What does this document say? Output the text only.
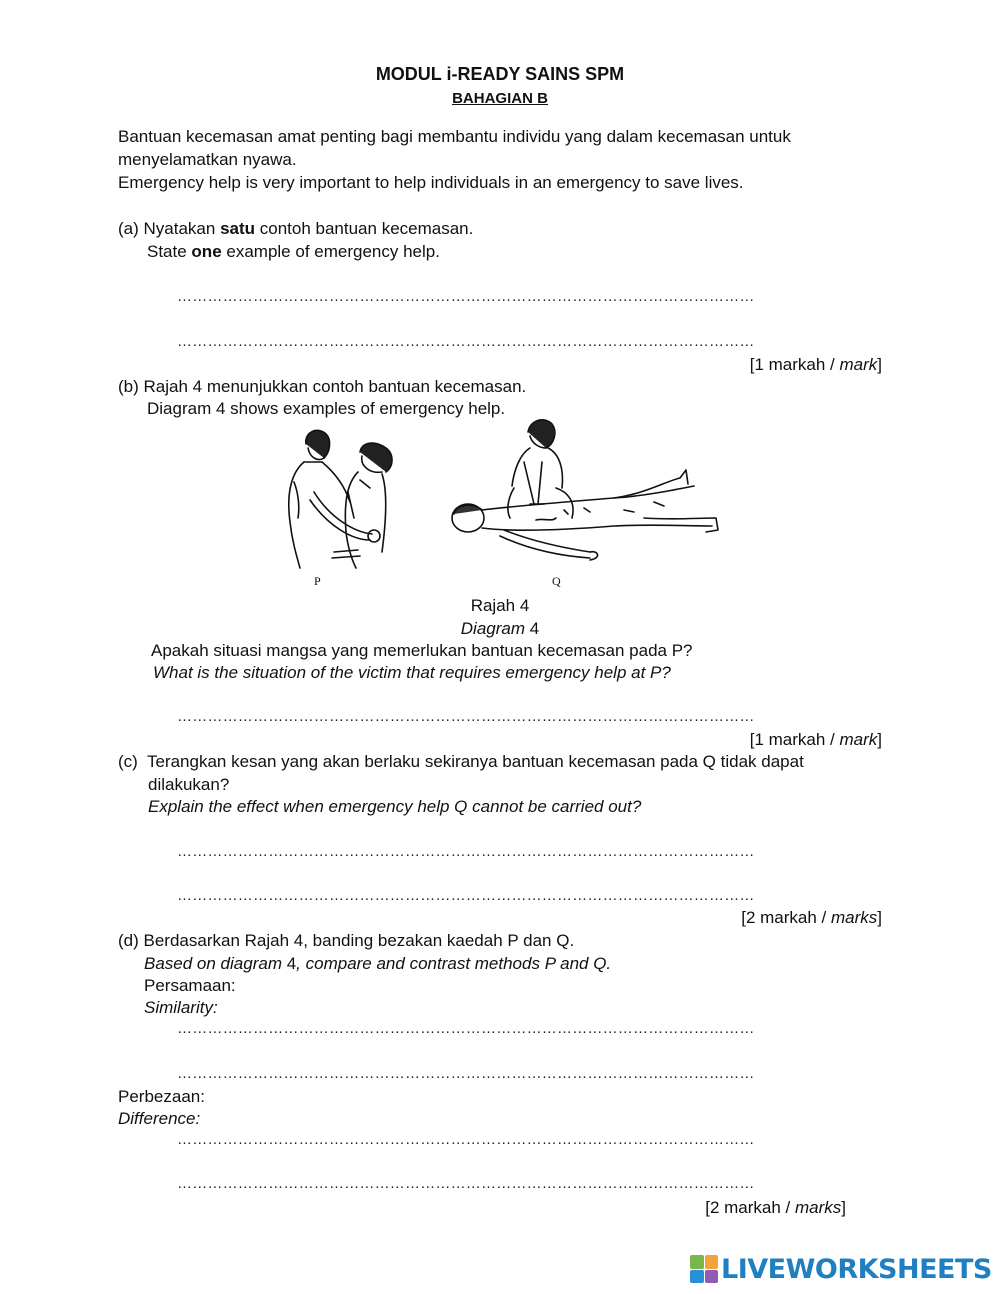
MODUL i-READY SAINS SPM
BAHAGIAN B
Bantuan kecemasan amat penting bagi membantu individu yang dalam kecemasan untuk
menyelamatkan nyawa.
Emergency help is very important to help individuals in an emergency to save lives.
(a) Nyatakan satu contoh bantuan kecemasan.
State one example of emergency help.
……………………………………………………………………………………………………
……………………………………………………………………………………………………
[1 markah / mark]
(b) Rajah 4 menunjukkan contoh bantuan kecemasan.
Diagram 4 shows examples of emergency help.
P	Q
Rajah 4
Diagram 4
Apakah situasi mangsa yang memerlukan bantuan kecemasan pada P?
What is the situation of the victim that requires emergency help at P?
……………………………………………………………………………………………………
[1 markah / mark]
(c) Terangkan kesan yang akan berlaku sekiranya bantuan kecemasan pada Q tidak dapat
dilakukan?
Explain the effect when emergency help Q cannot be carried out?
……………………………………………………………………………………………………
……………………………………………………………………………………………………
[2 markah / marks]
(d) Berdasarkan Rajah 4, banding bezakan kaedah P dan Q.
Based on diagram 4, compare and contrast methods P and Q.
Persamaan:
Similarity:
……………………………………………………………………………………………………
……………………………………………………………………………………………………
Perbezaan:
Difference:
……………………………………………………………………………………………………
……………………………………………………………………………………………………
[2 markah / marks]
LIVEWORKSHEETS
